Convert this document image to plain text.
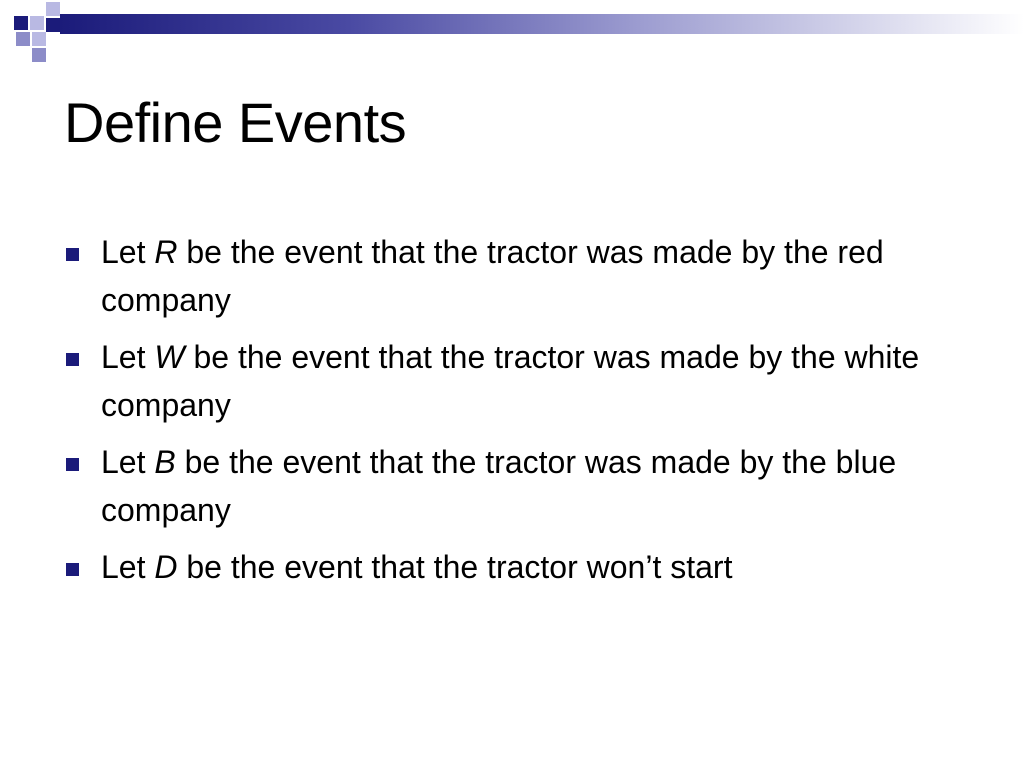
Define Events
Let R be the event that the tractor was made by the red company
Let W be the event that the tractor was made by the white company
Let B be the event that the tractor was made by the blue company
Let D be the event that the tractor won’t start
